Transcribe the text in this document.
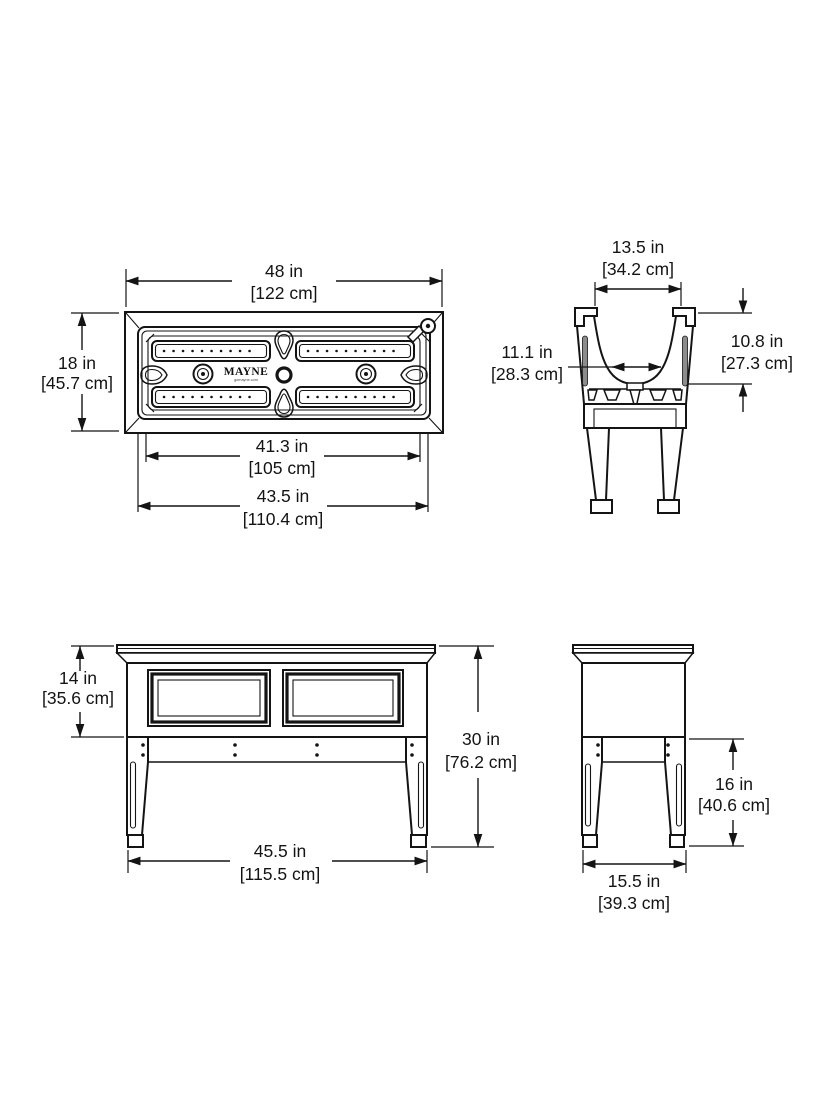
MAYNE
gomayne.com
48 in
[122 cm]
18 in
[45.7 cm]
41.3 in
[105 cm]
43.5 in
[110.4 cm]
13.5 in
[34.2 cm]
10.8 in
[27.3 cm]
11.1 in
[28.3 cm]
14 in
[35.6 cm]
30 in
[76.2 cm]
45.5 in
[115.5 cm]
16 in
[40.6 cm]
15.5 in
[39.3 cm]
